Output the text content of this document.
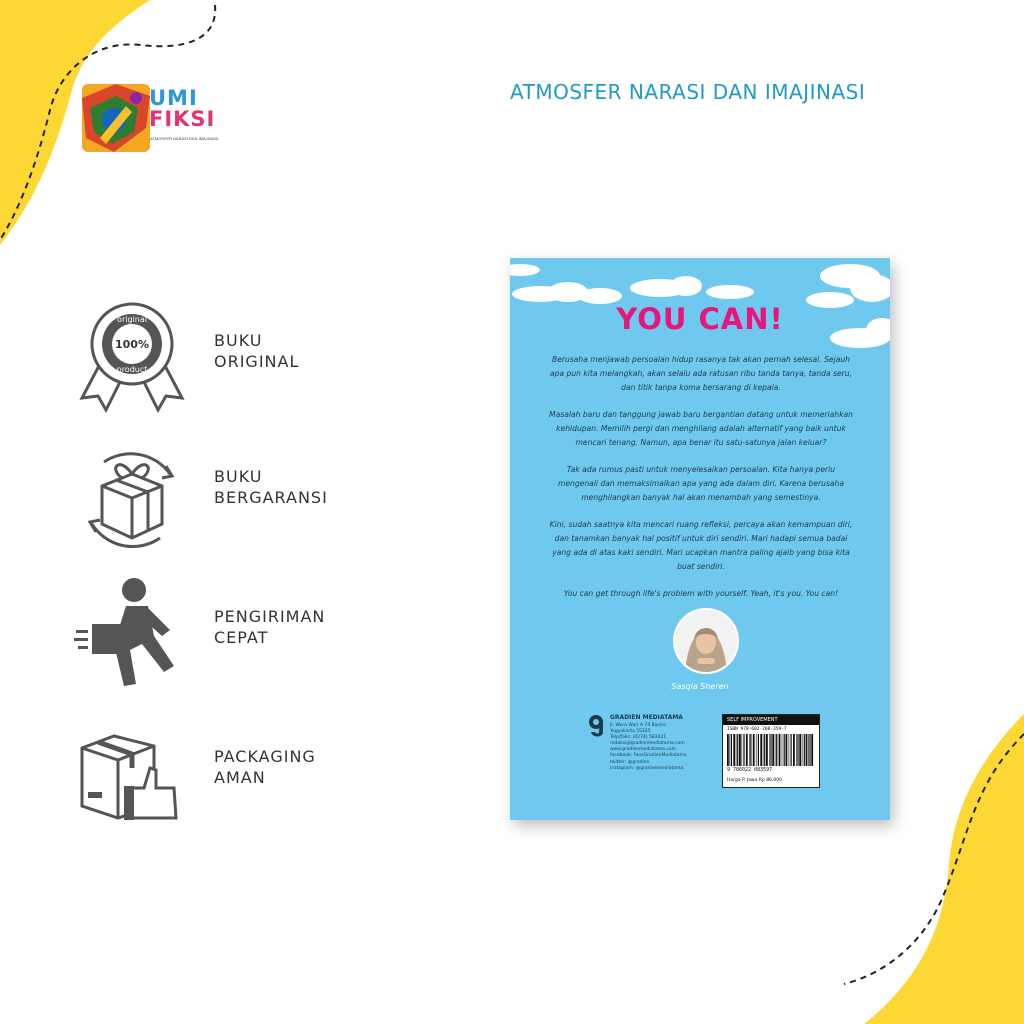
UMI
FIKSI
ATMOSFER NARASI DAN IMAJINASI
ATMOSFER NARASI DAN IMAJINASI
original
100%
product
BUKU
ORIGINAL
BUKU
BERGARANSI
PENGIRIMAN
CEPAT
PACKAGING
AMAN
YOU CAN!

Berusaha menjawab persoalan hidup rasanya tak akan pernah selesai. Sejauh apa pun kita melangkah, akan selalu ada ratusan ribu tanda tanya, tanda seru, dan titik tanpa koma bersarang di kepala.

Masalah baru dan tanggung jawab baru bergantian datang untuk memeriahkan kehidupan. Memilih pergi dan menghilang adalah alternatif yang baik untuk mencari tenang. Namun, apa benar itu satu-satunya jalan keluar?

Tak ada rumus pasti untuk menyelesaikan persoalan. Kita hanya perlu mengenali dan memaksimalkan apa yang ada dalam diri. Karena berusaha menghilangkan banyak hal akan menambah yang semestinya.

Kini, sudah saatnya kita mencari ruang refleksi, percaya akan kemampuan diri, dan tanamkan banyak hal positif untuk diri sendiri. Mari hadapi semua badai yang ada di atas kaki sendiri. Mari ucapkan mantra paling ajaib yang bisa kita buat sendiri.

You can get through life's problem with yourself. Yeah, it's you. You can!

Sasqia Sheren
GRADIEN MEDIATAMA
Jl. Wora Wari A-74 Baciro
Yogyakarta 55225
Telp/faks: (0274) 583421
redaksi@gradienmediatama.com
www.gradienmediatama.com
facebook: FansGradienMediatama
twitter: @gradien
instagram: @gradienmediatama
SELF IMPROVEMENT
ISBN 978-602-208-359-7
9 786022 083597
Harga P. Jawa Rp 86.000
